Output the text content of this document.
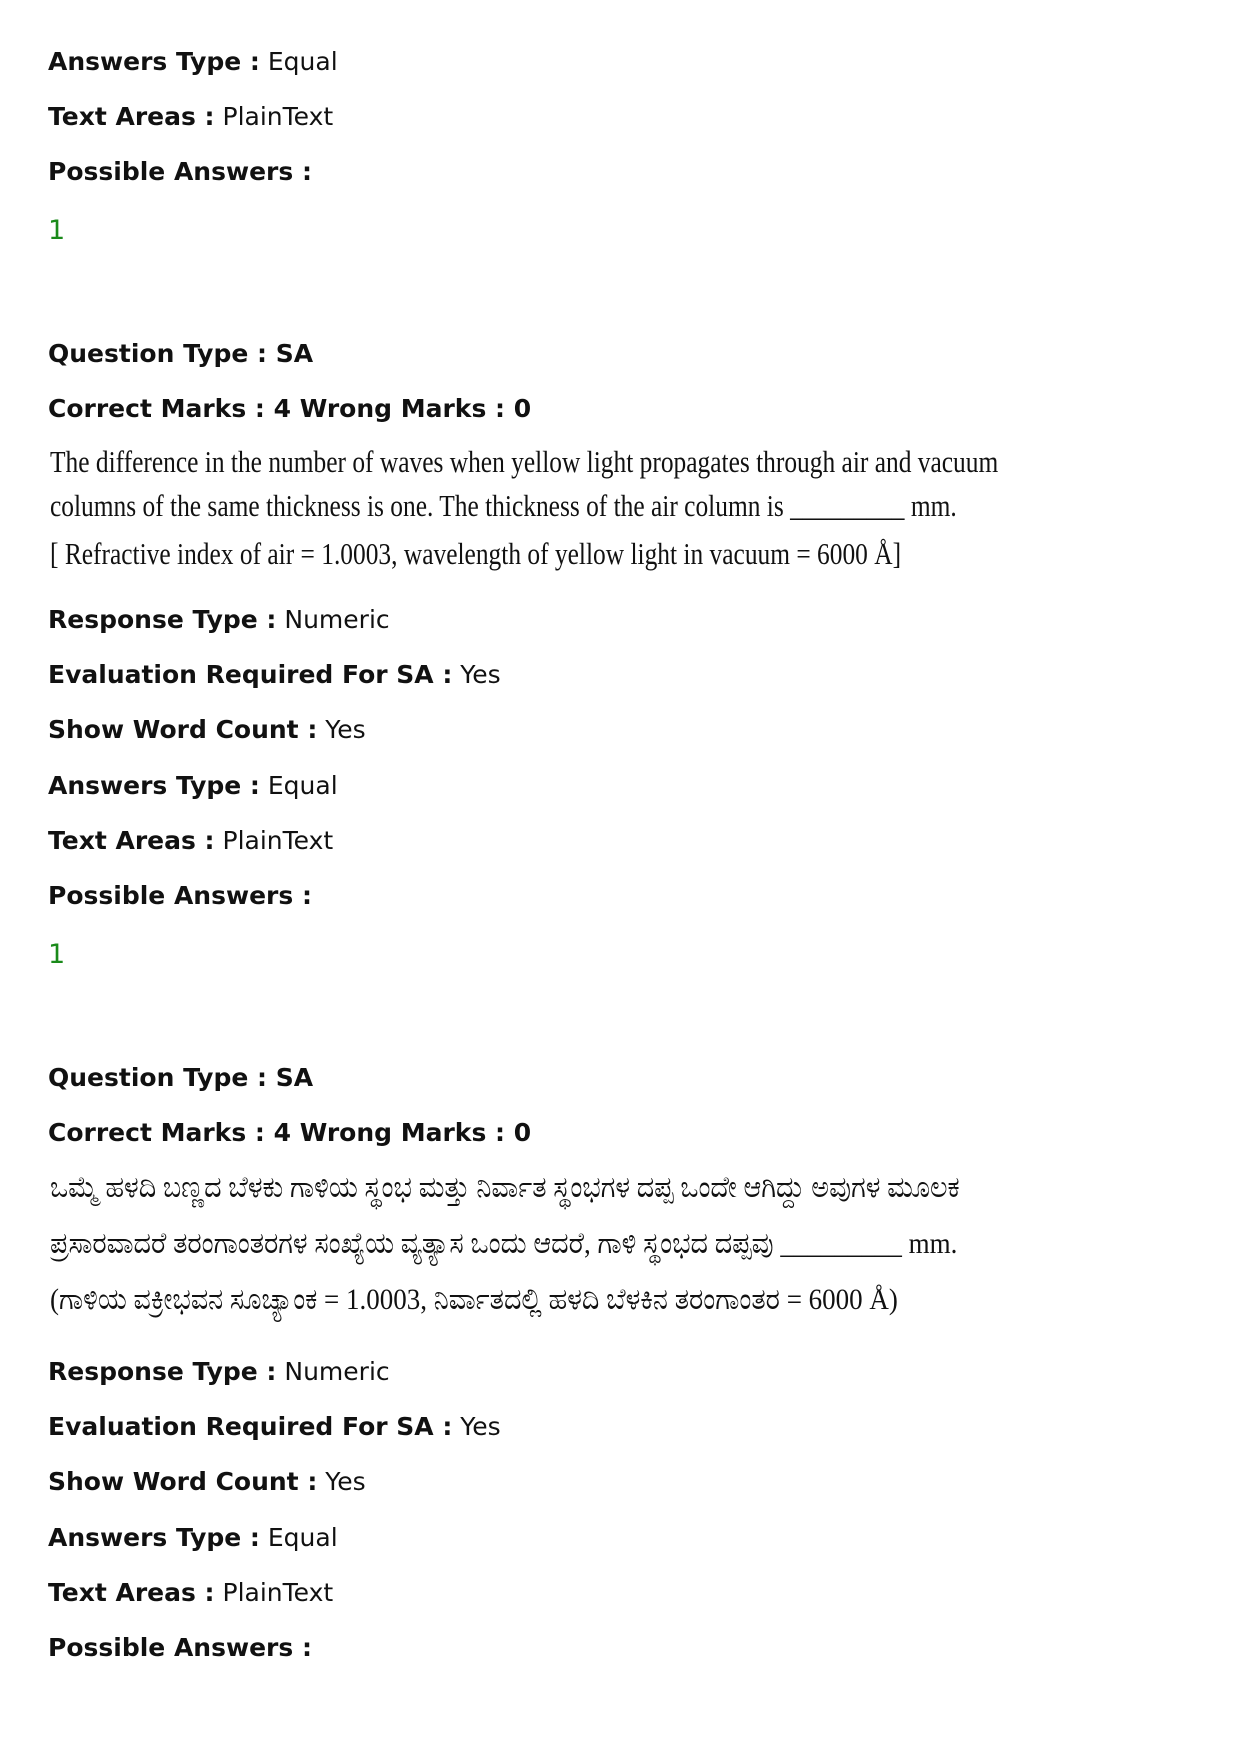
Answers Type : Equal
Text Areas : PlainText
Possible Answers :
1
Question Type : SA
Correct Marks : 4 Wrong Marks : 0
The difference in the number of waves when yellow light propagates through air and vacuum
columns of the same thickness is one. The thickness of the air column is _________ mm.
[ Refractive index of air = 1.0003, wavelength of yellow light in vacuum = 6000 Å]
Response Type : Numeric
Evaluation Required For SA : Yes
Show Word Count : Yes
Answers Type : Equal
Text Areas : PlainText
Possible Answers :
1
Question Type : SA
Correct Marks : 4 Wrong Marks : 0
ಒಮ್ಮೆ ಹಳದಿ ಬಣ್ಣದ ಬೆಳಕು ಗಾಳಿಯ ಸ್ಥಂಭ ಮತ್ತು ನಿರ್ವಾತ ಸ್ಥಂಭಗಳ ದಪ್ಪ ಒಂದೇ ಆಗಿದ್ದು ಅವುಗಳ ಮೂಲಕ
ಪ್ರಸಾರವಾದರೆ ತರಂಗಾಂತರಗಳ ಸಂಖ್ಯೆಯ ವ್ಯತ್ಯಾಸ ಒಂದು ಆದರೆ, ಗಾಳಿ ಸ್ಥಂಭದ ದಪ್ಪವು _________ mm.
(ಗಾಳಿಯ ವಕ್ರೀಭವನ ಸೂಚ್ಯಾಂಕ = 1.0003, ನಿರ್ವಾತದಲ್ಲಿ ಹಳದಿ ಬೆಳಕಿನ ತರಂಗಾಂತರ = 6000 Å)
Response Type : Numeric
Evaluation Required For SA : Yes
Show Word Count : Yes
Answers Type : Equal
Text Areas : PlainText
Possible Answers :
